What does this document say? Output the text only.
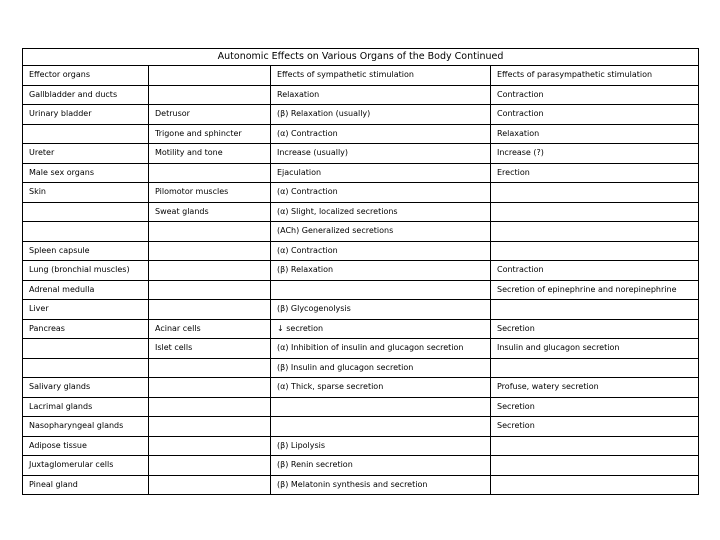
Autonomic Effects on Various Organs of the Body Continued			
Effector organs		Effects of sympathetic stimulation	Effects of parasympathetic stimulation
Gallbladder and ducts		Relaxation	Contraction
Urinary bladder	Detrusor	(β) Relaxation (usually)	Contraction
	Trigone and sphincter	(α) Contraction	Relaxation
Ureter	Motility and tone	Increase (usually)	Increase (?)
Male sex organs		Ejaculation	Erection
Skin	Pilomotor muscles	(α) Contraction	
	Sweat glands	(α) Slight, localized secretions	
		(ACh) Generalized secretions	
Spleen capsule		(α) Contraction	
Lung (bronchial muscles)		(β) Relaxation	Contraction
Adrenal medulla			Secretion of epinephrine and norepinephrine
Liver		(β) Glycogenolysis	
Pancreas	Acinar cells	↓ secretion	Secretion
	Islet cells	(α) Inhibition of insulin and glucagon secretion	Insulin and glucagon secretion
		(β) Insulin and glucagon secretion	
Salivary glands		(α) Thick, sparse secretion	Profuse, watery secretion
Lacrimal glands			Secretion
Nasopharyngeal glands			Secretion
Adipose tissue		(β) Lipolysis	
Juxtaglomerular cells		(β) Renin secretion	
Pineal gland		(β) Melatonin synthesis and secretion	
